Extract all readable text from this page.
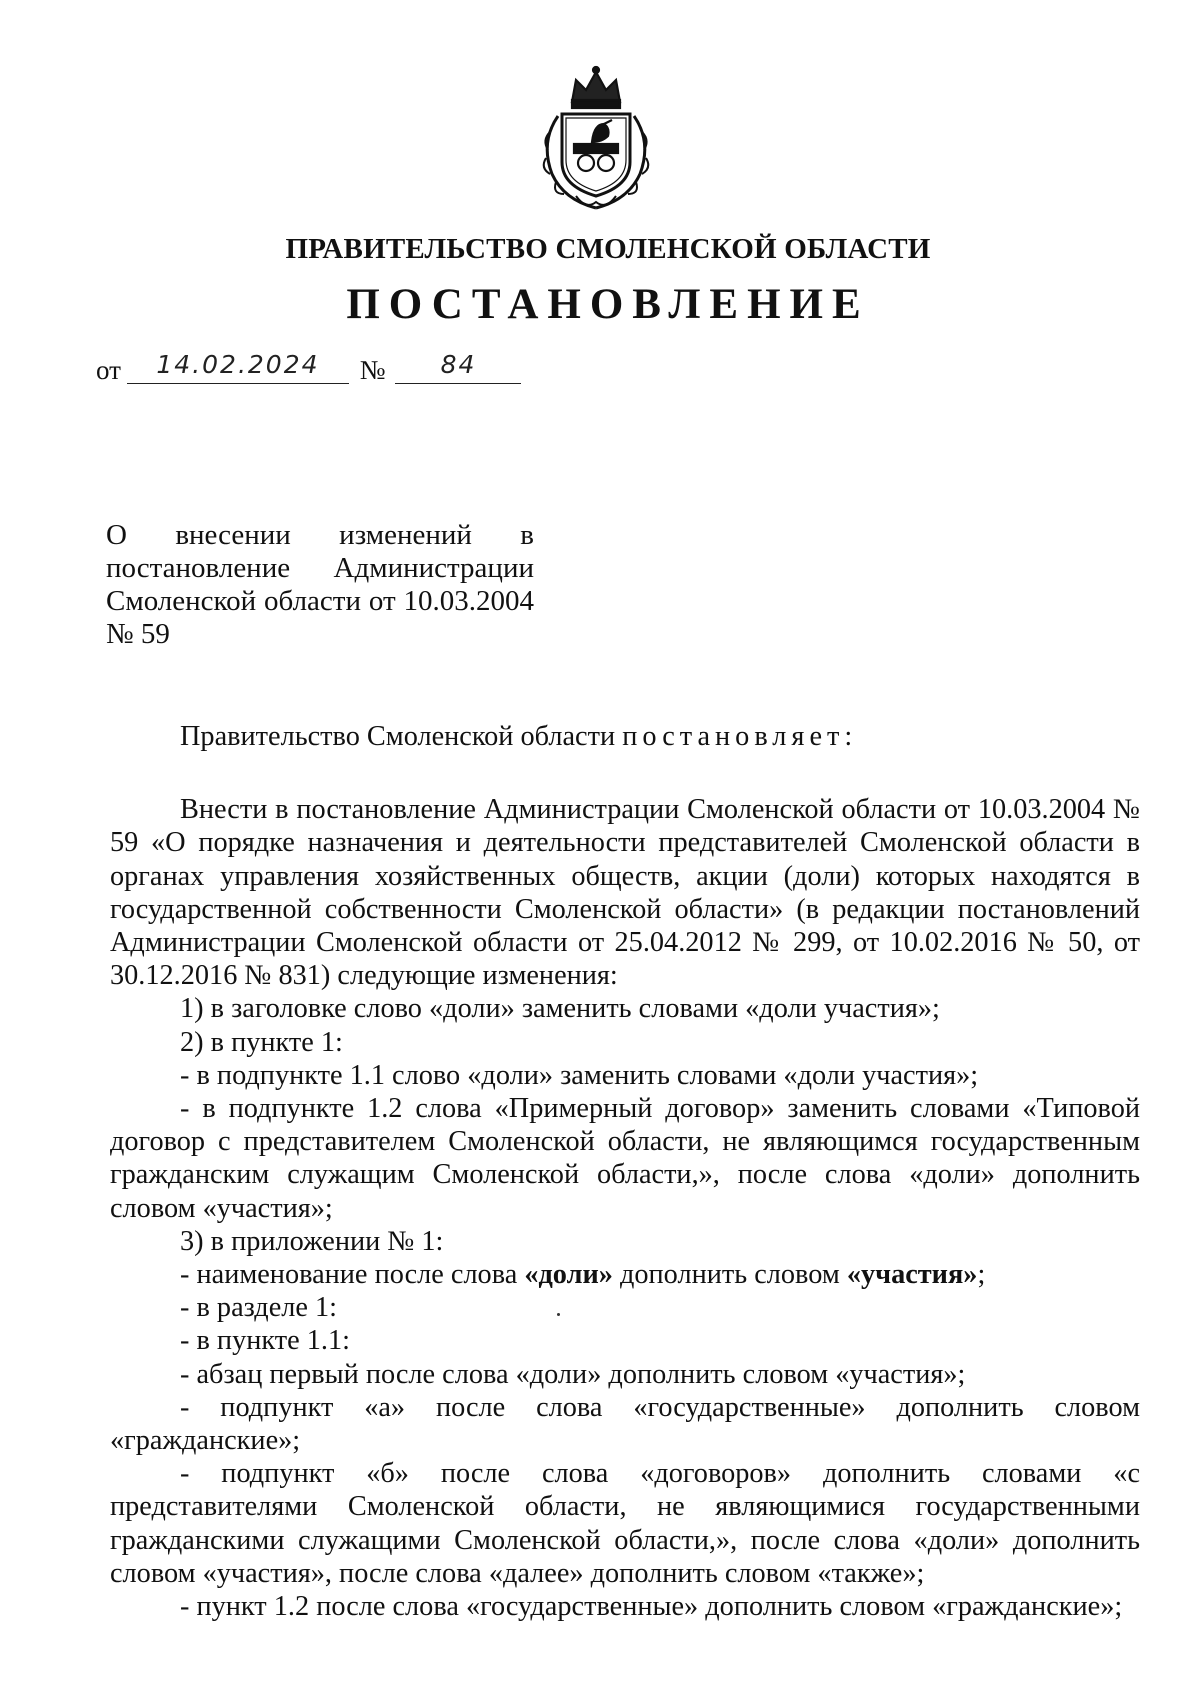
ПРАВИТЕЛЬСТВО СМОЛЕНСКОЙ ОБЛАСТИ
ПОСТАНОВЛЕНИЕ
от 14.02.2024 № 84
О внесении изменений в
постановление Администрации
Смоленской области от 10.03.2004
№ 59

Правительство Смоленской области постановляет:

Внести в постановление Администрации Смоленской области от 10.03.2004 № 59 «О порядке назначения и деятельности представителей Смоленской области в органах управления хозяйственных обществ, акции (доли) которых находятся в государственной собственности Смоленской области» (в редакции постановлений Администрации Смоленской области от 25.04.2012 № 299, от 10.02.2016 № 50, от 30.12.2016 № 831) следующие изменения:

1) в заголовке слово «доли» заменить словами «доли участия»;

2) в пункте 1:

- в подпункте 1.1 слово «доли» заменить словами «доли участия»;

- в подпункте 1.2 слова «Примерный договор» заменить словами «Типовой договор с представителем Смоленской области, не являющимся государственным гражданским служащим Смоленской области,», после слова «доли» дополнить словом «участия»;

3) в приложении № 1:

- наименование после слова «доли» дополнить словом «участия»;

- в разделе 1:

- в пункте 1.1:

- абзац первый после слова «доли» дополнить словом «участия»;

- подпункт «а» после слова «государственные» дополнить словом «гражданские»;

- подпункт «б» после слова «договоров» дополнить словами «с представителями Смоленской области, не являющимися государственными гражданскими служащими Смоленской области,», после слова «доли» дополнить словом «участия», после слова «далее» дополнить словом «также»;

- пункт 1.2 после слова «государственные» дополнить словом «гражданские»;
